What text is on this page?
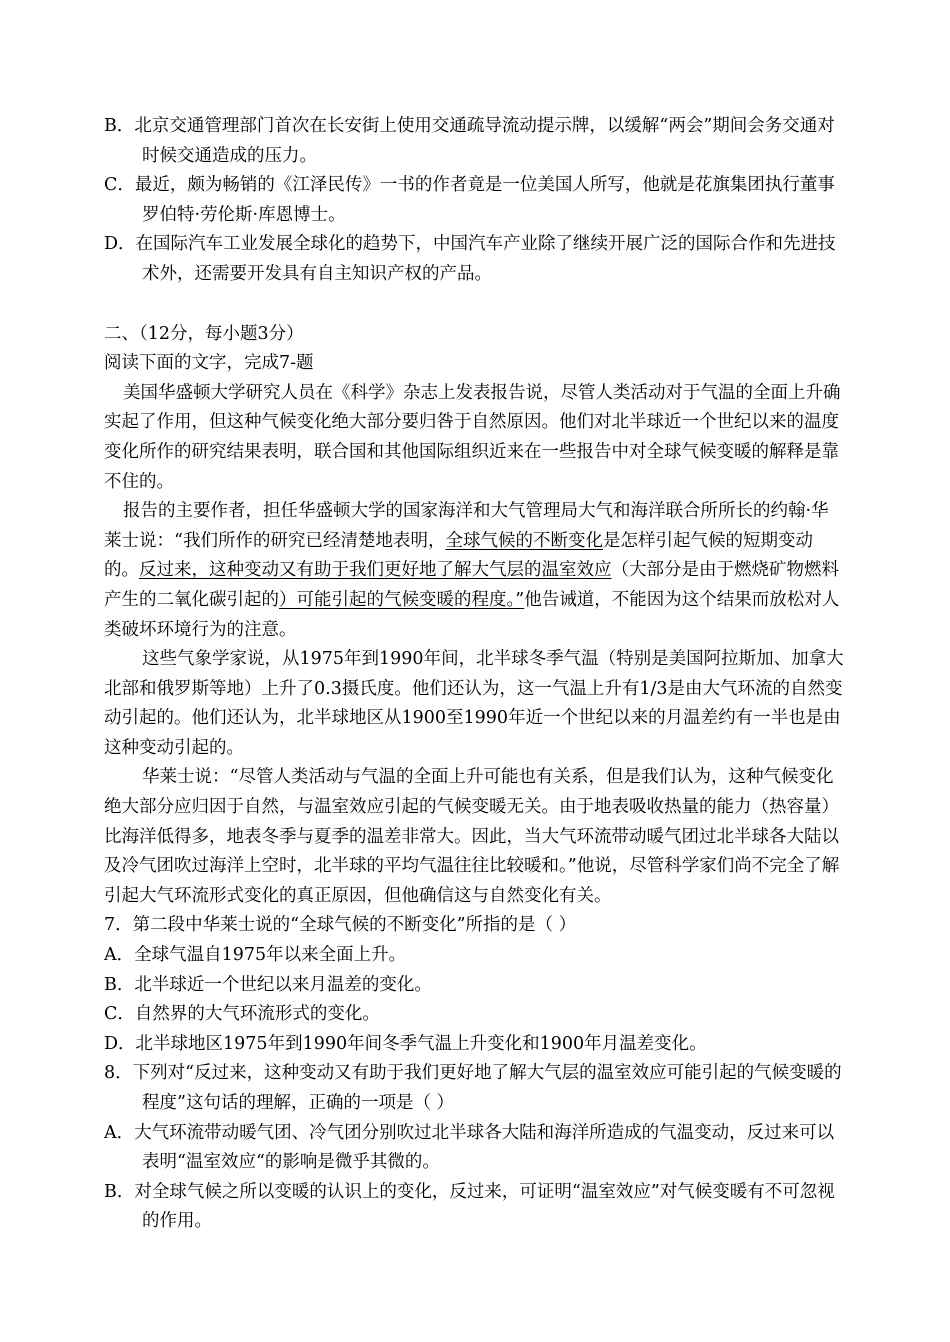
B．北京交通管理部门首次在长安街上使用交通疏导流动提示牌，以缓解“两会”期间会务交通对时候交通造成的压力。

C．最近，颇为畅销的《江泽民传》一书的作者竟是一位美国人所写，他就是花旗集团执行董事罗伯特·劳伦斯·库恩博士。

D．在国际汽车工业发展全球化的趋势下，中国汽车产业除了继续开展广泛的国际合作和先进技术外，还需要开发具有自主知识产权的产品。

二、（12分，每小题3分）

阅读下面的文字，完成7-题

美国华盛顿大学研究人员在《科学》杂志上发表报告说，尽管人类活动对于气温的全面上升确实起了作用，但这种气候变化绝大部分要归咎于自然原因。他们对北半球近一个世纪以来的温度变化所作的研究结果表明，联合国和其他国际组织近来在一些报告中对全球气候变暖的解释是靠不住的。

报告的主要作者，担任华盛顿大学的国家海洋和大气管理局大气和海洋联合所所长的约翰·华莱士说：“我们所作的研究已经清楚地表明，全球气候的不断变化是怎样引起气候的短期变动的。反过来，这种变动又有助于我们更好地了解大气层的温室效应（大部分是由于燃烧矿物燃料产生的二氧化碳引起的）可能引起的气候变暖的程度。”他告诫道，不能因为这个结果而放松对人类破坏环境行为的注意。

这些气象学家说，从1975年到1990年间，北半球冬季气温（特别是美国阿拉斯加、加拿大北部和俄罗斯等地）上升了0.3摄氏度。他们还认为，这一气温上升有1/3是由大气环流的自然变动引起的。他们还认为，北半球地区从1900至1990年近一个世纪以来的月温差约有一半也是由这种变动引起的。

华莱士说：“尽管人类活动与气温的全面上升可能也有关系，但是我们认为，这种气候变化绝大部分应归因于自然，与温室效应引起的气候变暖无关。由于地表吸收热量的能力（热容量）比海洋低得多，地表冬季与夏季的温差非常大。因此，当大气环流带动暖气团过北半球各大陆以及冷气团吹过海洋上空时，北半球的平均气温往往比较暖和。”他说，尽管科学家们尚不完全了解引起大气环流形式变化的真正原因，但他确信这与自然变化有关。

7．第二段中华莱士说的“全球气候的不断变化”所指的是（ ）

A．全球气温自1975年以来全面上升。

B．北半球近一个世纪以来月温差的变化。

C．自然界的大气环流形式的变化。

D．北半球地区1975年到1990年间冬季气温上升变化和1900年月温差变化。

8．下列对“反过来，这种变动又有助于我们更好地了解大气层的温室效应可能引起的气候变暖的程度”这句话的理解，正确的一项是（ ）

A．大气环流带动暖气团、冷气团分别吹过北半球各大陆和海洋所造成的气温变动，反过来可以表明“温室效应“的影响是微乎其微的。

B．对全球气候之所以变暖的认识上的变化，反过来，可证明“温室效应”对气候变暖有不可忽视的作用。
